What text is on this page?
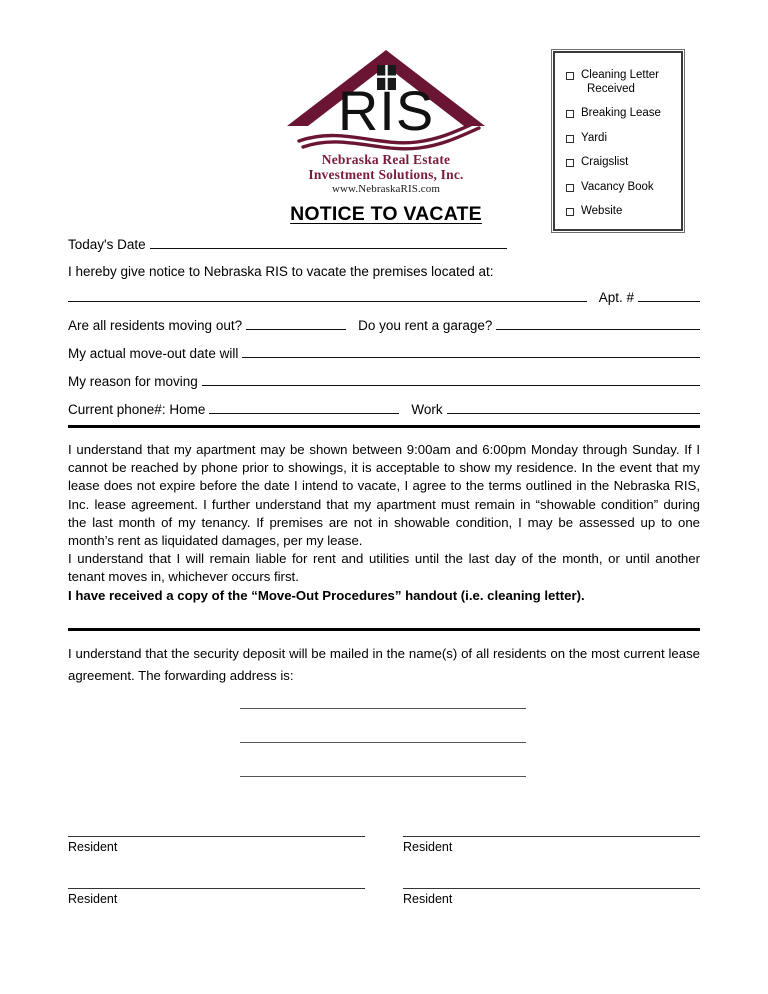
RIS
Nebraska Real Estate
Investment Solutions, Inc.
www.NebraskaRIS.com
NOTICE TO VACATE
Cleaning Letter
Received
Breaking Lease
Yardi
Craigslist
Vacancy Book
Website
Today's Date
I hereby give notice to Nebraska RIS to vacate the premises located at:
Apt. #
Are all residents moving out?	Do you rent a garage?
My actual move-out date will
My reason for moving
Current phone#: Home	Work

I understand that my apartment may be shown between 9:00am and 6:00pm Monday through Sunday. If I cannot be reached by phone prior to showings, it is acceptable to show my residence. In the event that my lease does not expire before the date I intend to vacate, I agree to the terms outlined in the Nebraska RIS, Inc. lease agreement. I further understand that my apartment must remain in “showable condition” during the last month of my tenancy. If premises are not in showable condition, I may be assessed up to one month’s rent as liquidated damages, per my lease.

I understand that I will remain liable for rent and utilities until the last day of the month, or until another tenant moves in, whichever occurs first.

I have received a copy of the “Move-Out Procedures” handout (i.e. cleaning letter).

I understand that the security deposit will be mailed in the name(s) of all residents on the most current lease agreement. The forwarding address is:

Resident	Resident
Resident	Resident
